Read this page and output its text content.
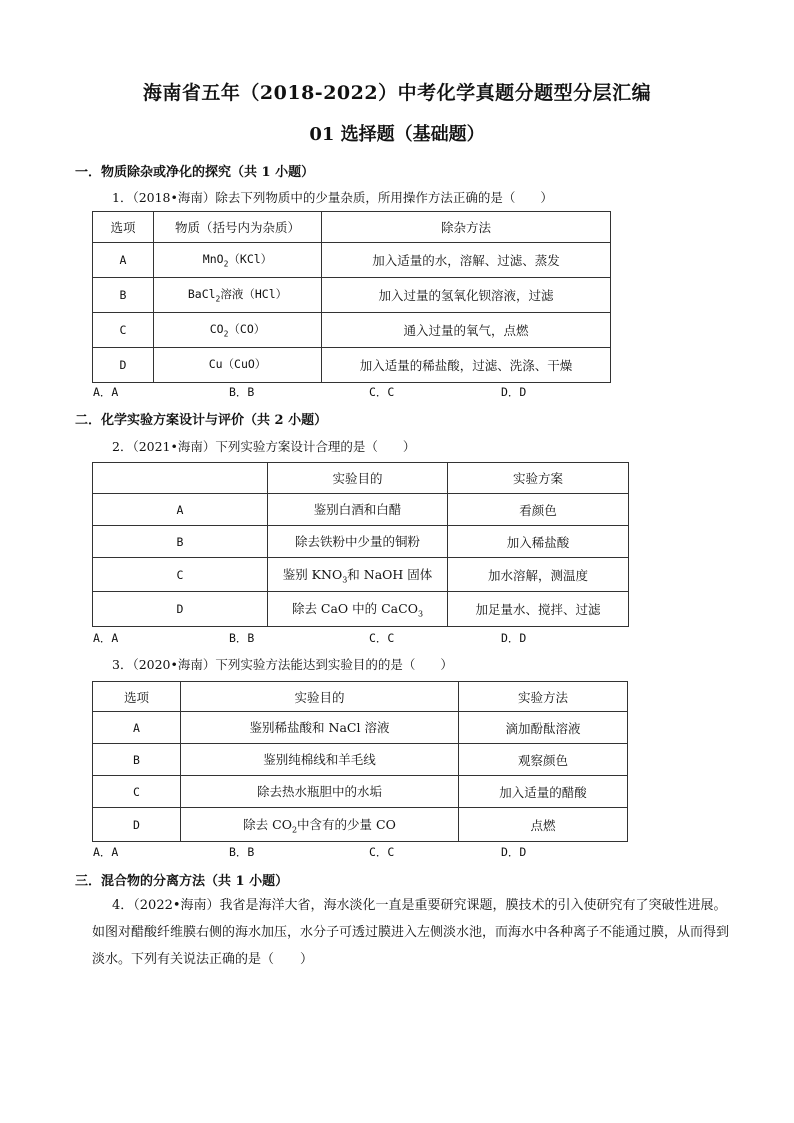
海南省五年（2018-2022）中考化学真题分题型分层汇编
01 选择题（基础题）
一．物质除杂或净化的探究（共 1 小题）
1．（2018•海南）除去下列物质中的少量杂质，所用操作方法正确的是（　　）
选项	物质（括号内为杂质）	除杂方法
A	MnO$_2$（KCl）	加入适量的水，溶解、过滤、蒸发
B	BaCl$_2$溶液（HCl）	加入过量的氢氧化钡溶液，过滤
C	$CO_2(CO)$	通入过量的氧气，点燃
D	Cu（CuO）	加入适量的稀盐酸，过滤、洗涤、干燥
A．A	B．B	C．C	D．D
二．化学实验方案设计与评价（共 2 小题）
2．（2021•海南）下列实验方案设计合理的是（　　）
	实验目的	实验方案
A	鉴别白酒和白醋	看颜色
B	除去铁粉中少量的铜粉	加入稀盐酸
C	鉴别 $KNO_3$和 NaOH 固体	加水溶解，测温度
D	除去 CaO 中的 CaCO$_3$	加足量水、搅拌、过滤
A．A	B．B	C．C	D．D
3．（2020•海南）下列实验方法能达到实验目的的是（　　）
选项	实验目的	实验方法
A	鉴别稀盐酸和 NaCl 溶液	滴加酚酞溶液
B	鉴别纯棉线和羊毛线	观察颜色
C	除去热水瓶胆中的水垢	加入适量的醋酸
D	除去 $CO_2$中含有的少量 CO	点燃
A．A	B．B	C．C	D．D
三．混合物的分离方法（共 1 小题）
4．（2022•海南）我省是海洋大省，海水淡化一直是重要研究课题，膜技术的引入使研究有了突破性进展。如图对醋酸纤维膜右侧的海水加压，水分子可透过膜进入左侧淡水池，而海水中各种离子不能通过膜，从而得到淡水。下列有关说法正确的是（　　）
